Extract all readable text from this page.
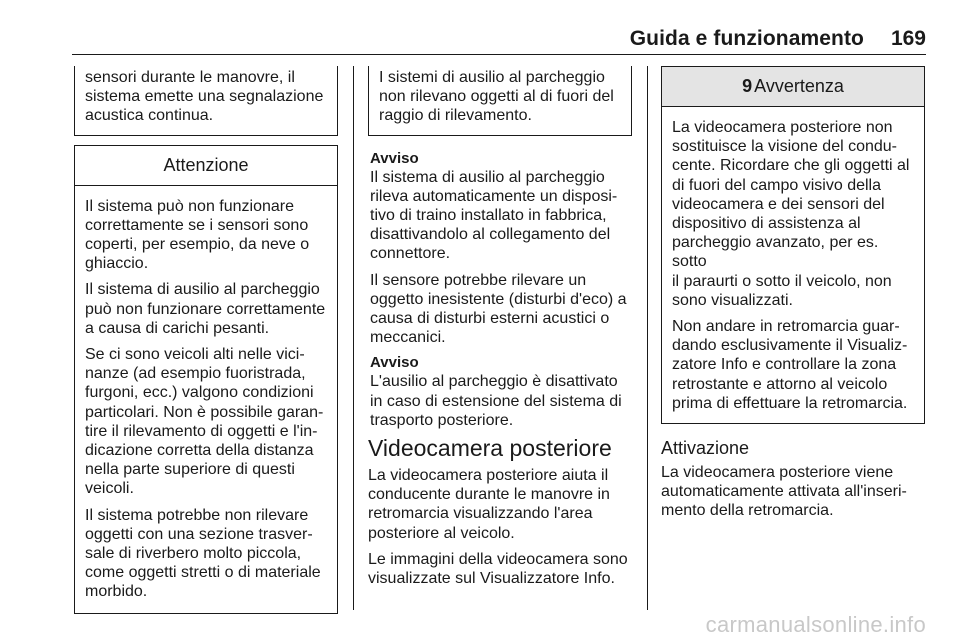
Guida e funzionamento 169
sensori durante le manovre, il
sistema emette una segnalazione
acustica continua.
Attenzione
Il sistema può non funzionare
correttamente se i sensori sono
coperti, per esempio, da neve o
ghiaccio.
Il sistema di ausilio al parcheggio
può non funzionare correttamente
a causa di carichi pesanti.
Se ci sono veicoli alti nelle vici-
nanze (ad esempio fuoristrada,
furgoni, ecc.) valgono condizioni
particolari. Non è possibile garan-
tire il rilevamento di oggetti e l'in-
dicazione corretta della distanza
nella parte superiore di questi
veicoli.
Il sistema potrebbe non rilevare
oggetti con una sezione trasver-
sale di riverbero molto piccola,
come oggetti stretti o di materiale
morbido.
I sistemi di ausilio al parcheggio
non rilevano oggetti al di fuori del
raggio di rilevamento.
Avviso
Il sistema di ausilio al parcheggio
rileva automaticamente un disposi-
tivo di traino installato in fabbrica,
disattivandolo al collegamento del
connettore.
Il sensore potrebbe rilevare un
oggetto inesistente (disturbi d'eco) a
causa di disturbi esterni acustici o
meccanici.
Avviso
L'ausilio al parcheggio è disattivato
in caso di estensione del sistema di
trasporto posteriore.
Videocamera posteriore
La videocamera posteriore aiuta il
conducente durante le manovre in
retromarcia visualizzando l'area
posteriore al veicolo.
Le immagini della videocamera sono
visualizzate sul Visualizzatore Info.
9 Avvertenza
La videocamera posteriore non
sostituisce la visione del condu-
cente. Ricordare che gli oggetti al
di fuori del campo visivo della
videocamera e dei sensori del
dispositivo di assistenza al
parcheggio avanzato, per es. sotto
il paraurti o sotto il veicolo, non
sono visualizzati.
Non andare in retromarcia guar-
dando esclusivamente il Visualiz-
zatore Info e controllare la zona
retrostante e attorno al veicolo
prima di effettuare la retromarcia.
Attivazione
La videocamera posteriore viene
automaticamente attivata all'inseri-
mento della retromarcia.
carmanualsonline.info
